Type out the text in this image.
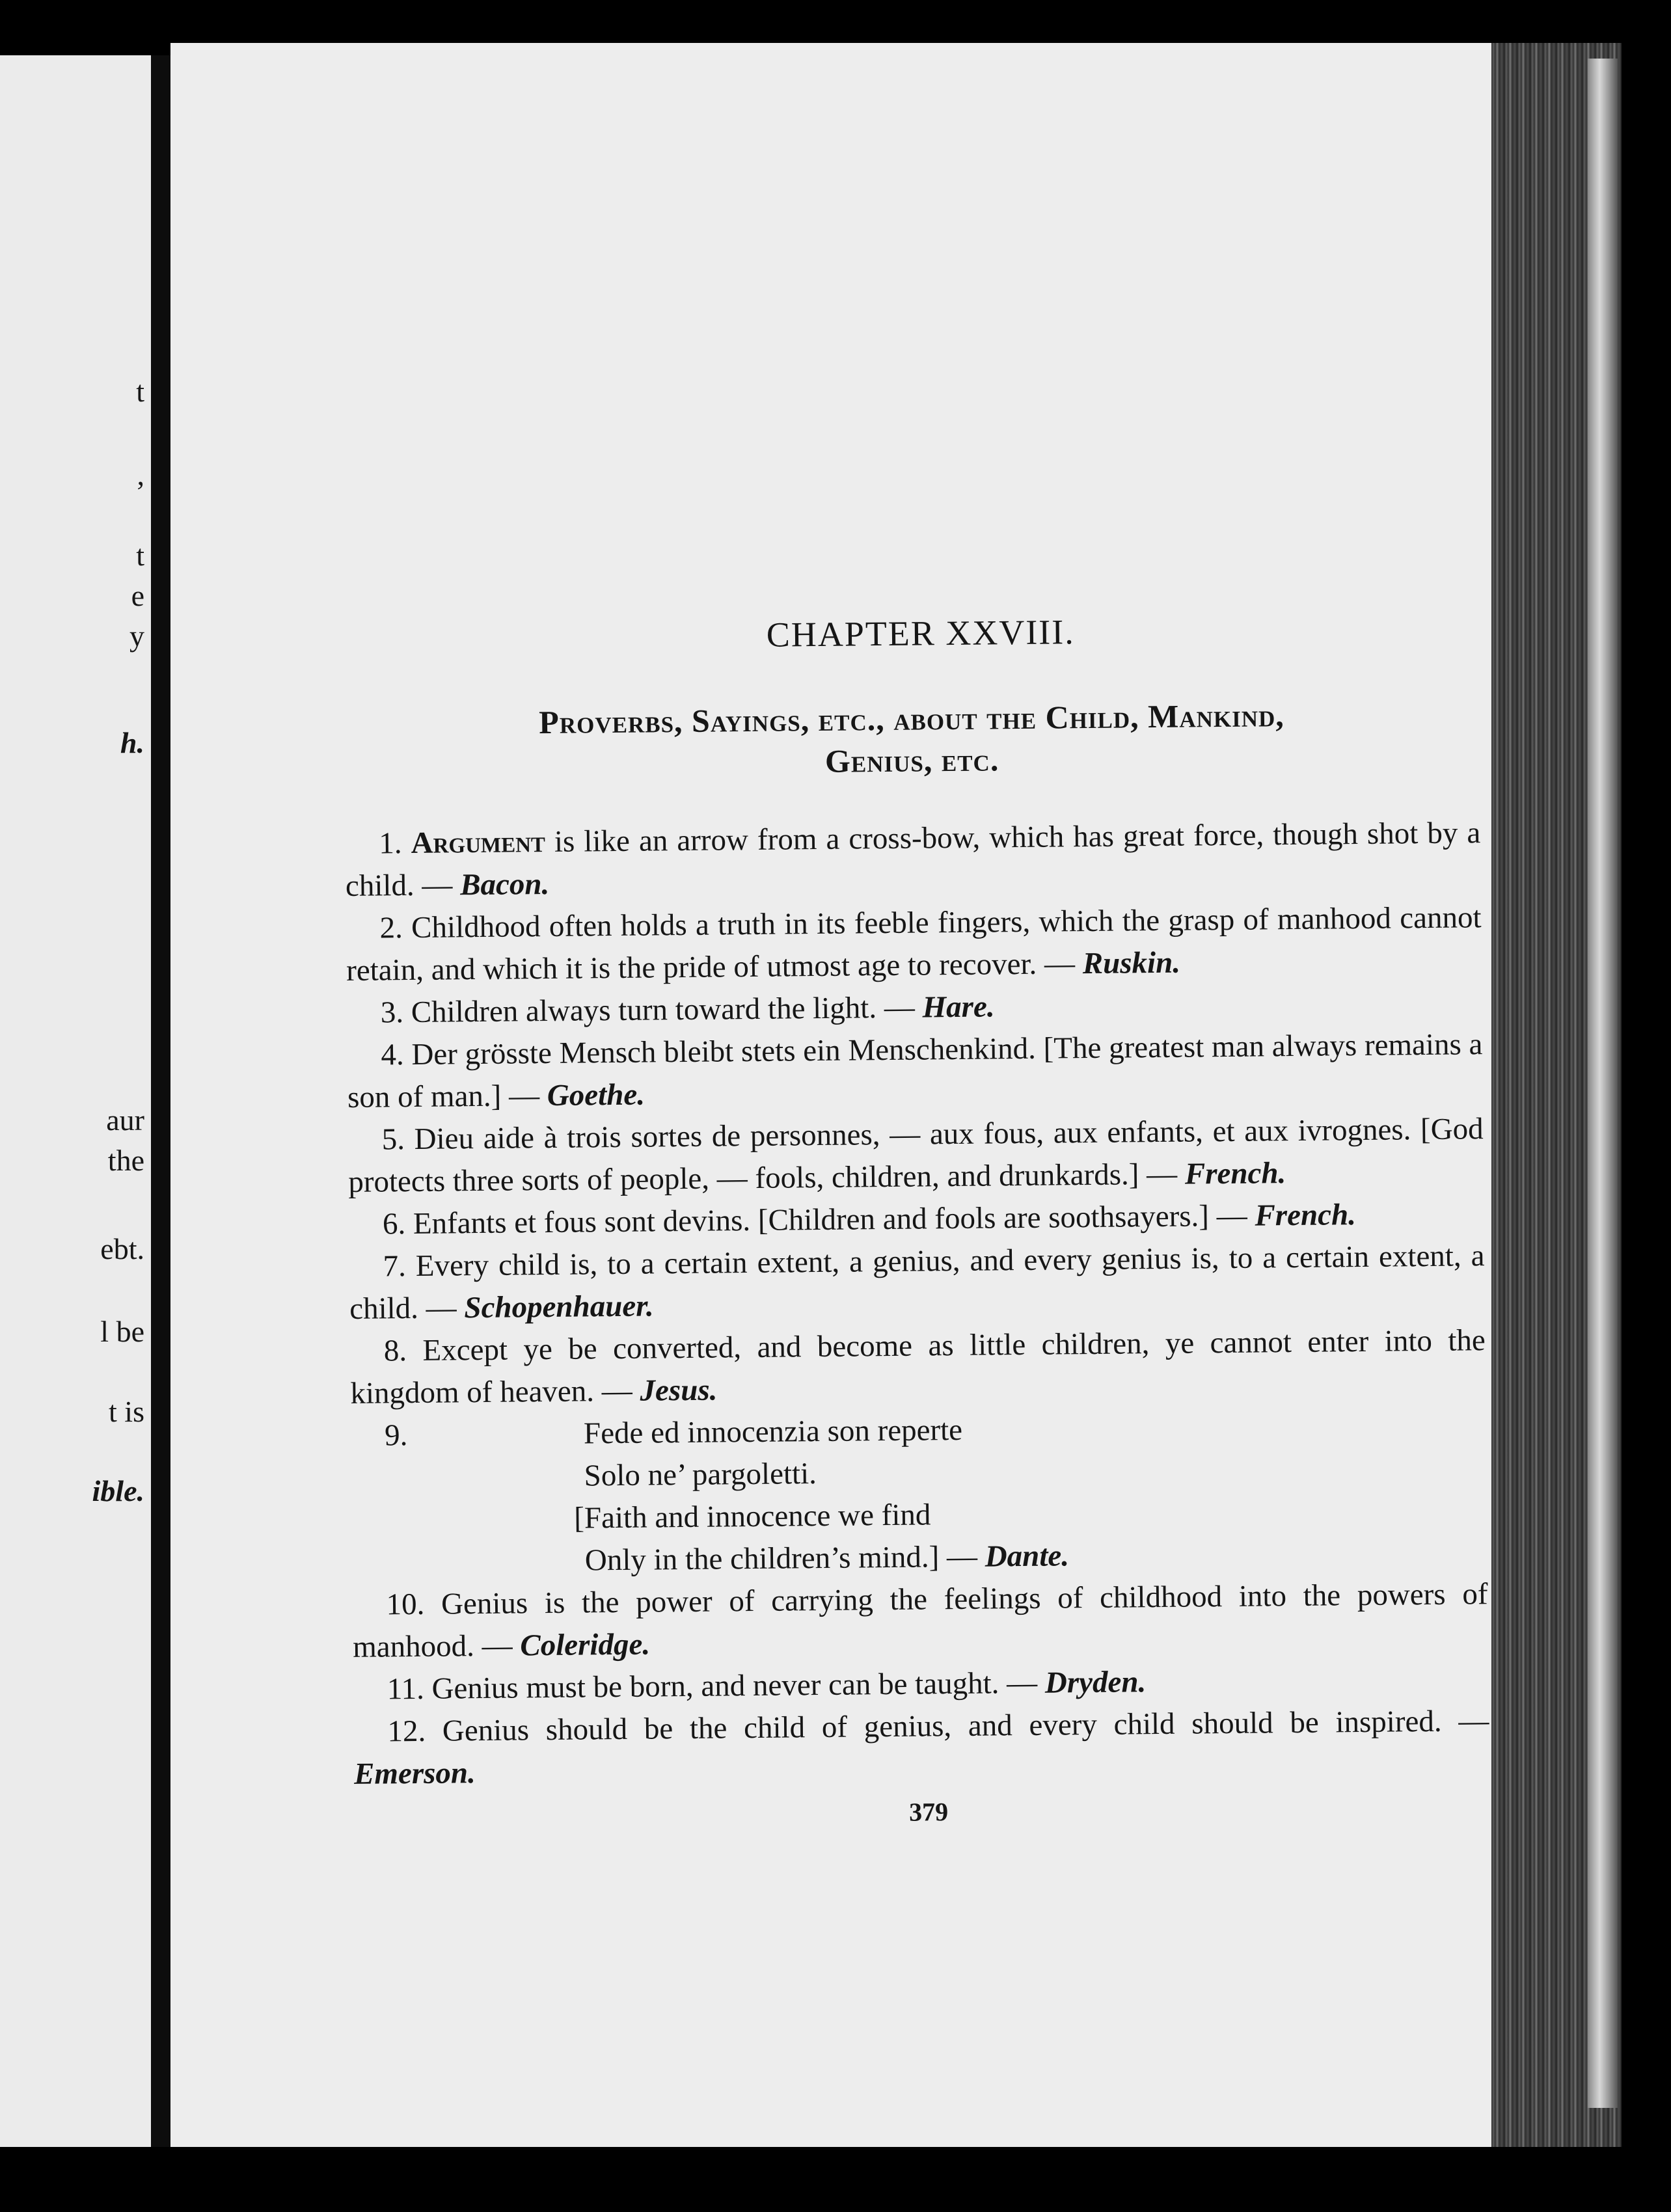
t
,
t
e
y
h.
aur
the
ebt.
l be
t is
ible.
CHAPTER XXVIII.
Proverbs, Sayings, etc., about the Child, Mankind,
Genius, etc.

1. Argument is like an arrow from a cross-bow, which has great force, though shot by a child. — Bacon.

2. Childhood often holds a truth in its feeble fingers, which the grasp of manhood cannot retain, and which it is the pride of utmost age to recover. — Ruskin.

3. Children always turn toward the light. — Hare.

4. Der grösste Mensch bleibt stets ein Menschenkind. [The greatest man always remains a son of man.] — Goethe.

5. Dieu aide à trois sortes de personnes, — aux fous, aux enfants, et aux ivrognes. [God protects three sorts of people, — fools, children, and drunkards.] — French.

6. Enfants et fous sont devins. [Children and fools are soothsayers.] — French.

7. Every child is, to a certain extent, a genius, and every genius is, to a certain extent, a child. — Schopenhauer.

8. Except ye be converted, and become as little children, ye cannot enter into the kingdom of heaven. — Jesus.

9.	Fede ed innocenzia son reperte
Solo ne’ pargoletti.
[Faith and innocence we find
Only in the children’s mind.] — Dante.

10. Genius is the power of carrying the feelings of childhood into the powers of manhood. — Coleridge.

11. Genius must be born, and never can be taught. — Dryden.

12. Genius should be the child of genius, and every child should be inspired. — Emerson.

379
